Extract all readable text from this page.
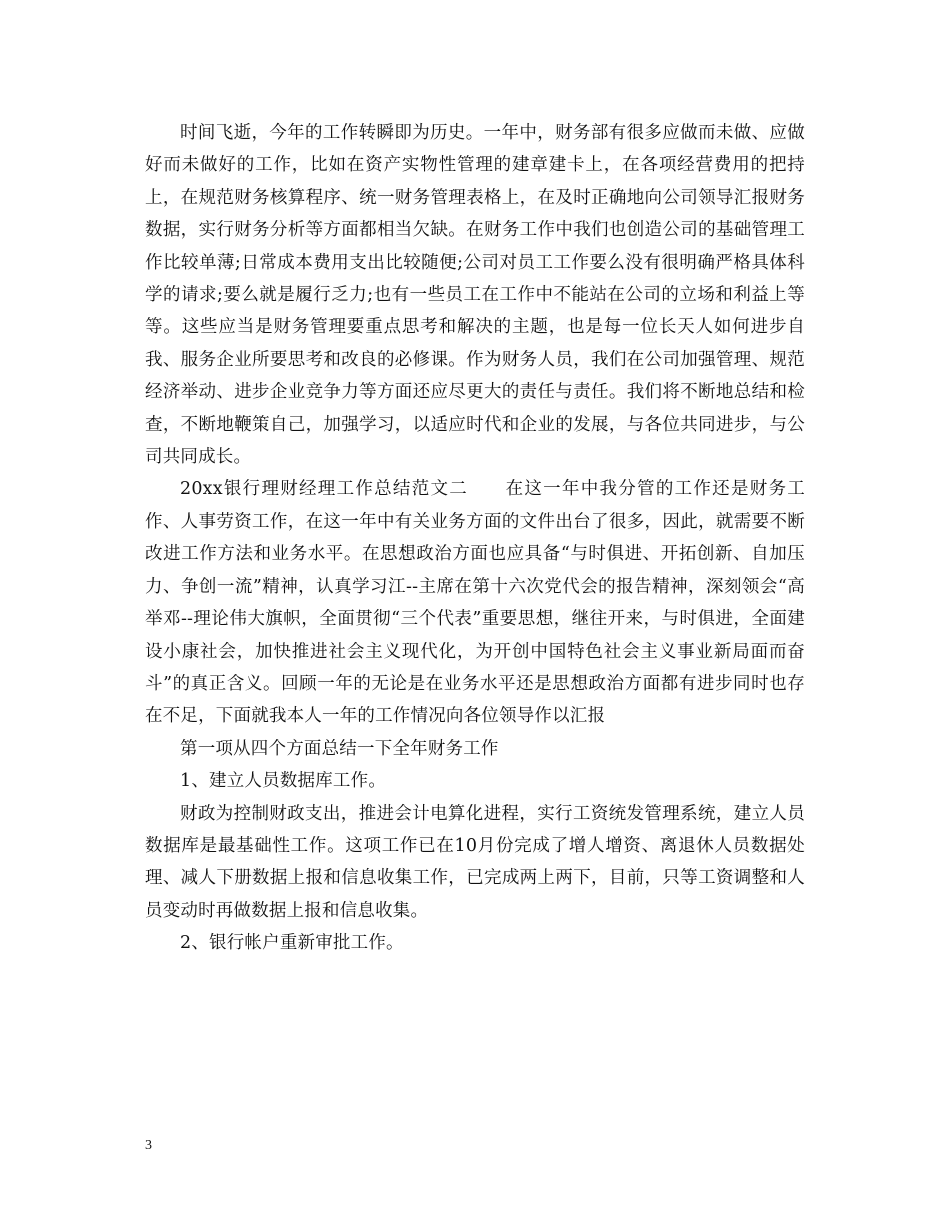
时间飞逝，今年的工作转瞬即为历史。一年中，财务部有很多应做而未做、应做好而未做好的工作，比如在资产实物性管理的建章建卡上，在各项经营费用的把持上，在规范财务核算程序、统一财务管理表格上，在及时正确地向公司领导汇报财务数据，实行财务分析等方面都相当欠缺。在财务工作中我们也创造公司的基础管理工作比较单薄;日常成本费用支出比较随便;公司对员工工作要么没有很明确严格具体科学的请求;要么就是履行乏力;也有一些员工在工作中不能站在公司的立场和利益上等等。这些应当是财务管理要重点思考和解决的主题，也是每一位长天人如何进步自我、服务企业所要思考和改良的必修课。作为财务人员，我们在公司加强管理、规范经济举动、进步企业竞争力等方面还应尽更大的责任与责任。我们将不断地总结和检查，不断地鞭策自己，加强学习，以适应时代和企业的发展，与各位共同进步，与公司共同成长。

20xx银行理财经理工作总结范文二　　在这一年中我分管的工作还是财务工作、人事劳资工作，在这一年中有关业务方面的文件出台了很多，因此，就需要不断改进工作方法和业务水平。在思想政治方面也应具备“与时俱进、开拓创新、自加压力、争创一流”精神，认真学习江--主席在第十六次党代会的报告精神，深刻领会“高举邓--理论伟大旗帜，全面贯彻“三个代表”重要思想，继往开来，与时俱进，全面建设小康社会，加快推进社会主义现代化，为开创中国特色社会主义事业新局面而奋斗”的真正含义。回顾一年的无论是在业务水平还是思想政治方面都有进步同时也存在不足，下面就我本人一年的工作情况向各位领导作以汇报

第一项从四个方面总结一下全年财务工作

1、建立人员数据库工作。

财政为控制财政支出，推进会计电算化进程，实行工资统发管理系统，建立人员数据库是最基础性工作。这项工作已在10月份完成了增人增资、离退休人员数据处理、减人下册数据上报和信息收集工作，已完成两上两下，目前，只等工资调整和人员变动时再做数据上报和信息收集。

2、银行帐户重新审批工作。

3
